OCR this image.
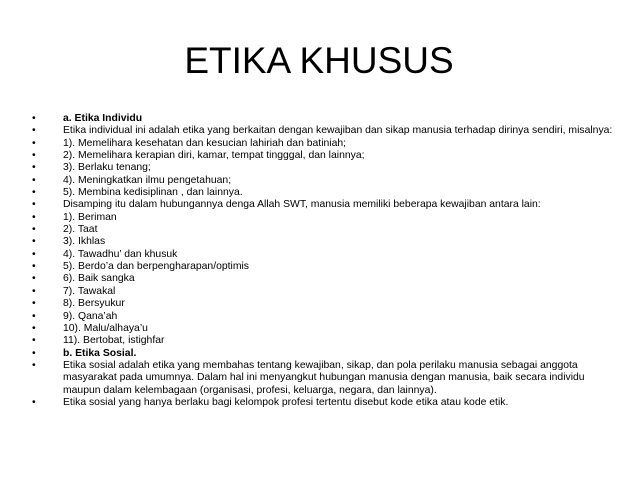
ETIKA KHUSUS
•	a. Etika Individu
•	Etika individual ini adalah etika yang berkaitan dengan kewajiban dan sikap manusia terhadap dirinya sendiri, misalnya:
•	1). Memelihara kesehatan dan kesucian lahiriah dan batiniah;
•	2). Memelihara kerapian diri, kamar, tempat tingggal, dan lainnya;
•	3). Berlaku tenang;
•	4). Meningkatkan ilmu pengetahuan;
•	5). Membina kedisiplinan , dan lainnya.
•	Disamping itu dalam hubungannya denga Allah SWT, manusia memiliki beberapa kewajiban antara lain:
•	1). Beriman
•	2). Taat
•	3). Ikhlas
•	4). Tawadhu’ dan khusuk
•	5). Berdo’a dan berpengharapan/optimis
•	6). Baik sangka
•	7). Tawakal
•	8). Bersyukur
•	9). Qana’ah
•	10). Malu/alhaya’u
•	11). Bertobat, istighfar
•	b. Etika Sosial.
•	Etika sosial adalah etika yang membahas tentang kewajiban, sikap, dan pola perilaku manusia sebagai anggota masyarakat pada umumnya. Dalam hal ini menyangkut hubungan manusia dengan manusia, baik secara individu maupun dalam kelembagaan (organisasi, profesi, keluarga, negara, dan lainnya).
•	Etika sosial yang hanya berlaku bagi kelompok profesi tertentu disebut kode etika atau kode etik.
